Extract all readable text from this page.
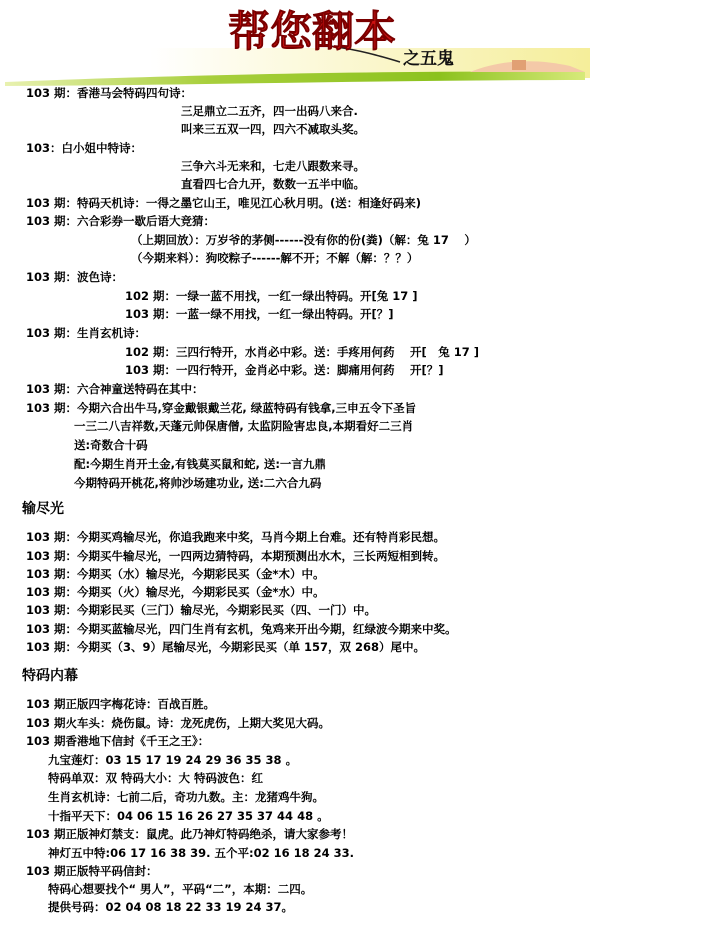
帮您翻本
之五鬼
103 期：香港马会特码四句诗：
三足鼎立二五齐，四一出码八来合.
叫来三五双一四，四六不减取头奖。
103：白小姐中特诗：
三争六斗无来和，七走八跟数来寻。
直看四七合九开，数数一五半中临。
103 期：特码天机诗：一得之墨它山王，唯见江心秋月明。(送：相逢好码来)
103 期：六合彩券一歇后语大竞猜：
（上期回放）：万岁爷的茅侧------没有你的份(粪)（解：兔 17　 ）
（今期来料）：狗咬粽子------解不开；不解（解：？？）
103 期：波色诗：
102 期：一绿一蓝不用找，一红一绿出特码。开[兔 17 ]
103 期：一蓝一绿不用找，一红一绿出特码。开[？]
103 期：生肖玄机诗：
102 期：三四行特开，水肖必中彩。送：手疼用何药　 开[　兔 17 ]
103 期：一四行特开，金肖必中彩。送：脚痛用何药　 开[？]
103 期：六合神童送特码在其中：
103 期：今期六合出牛马,穿金戴银戴兰花, 绿蓝特码有钱拿,三申五令下圣旨
一三二八吉祥数,天蓬元帅保唐僧, 太监阴险害忠良,本期看好二三肖
送:奇数合十码
配:今期生肖开土金,有钱莫买鼠和蛇, 送:一言九鼎
今期特码开桃花,将帅沙场建功业, 送:二六合九码
输尽光
103 期：今期买鸡输尽光，你追我跑来中奖，马肖今期上台难。还有特肖彩民想。
103 期：今期买牛输尽光，一四两边猜特码，本期预测出水木，三长两短相到转。
103 期：今期买（水）输尽光，今期彩民买（金*木）中。
103 期：今期买（火）输尽光，今期彩民买（金*水）中。
103 期：今期彩民买（三门）输尽光，今期彩民买（四、一门）中。
103 期：今期买蓝输尽光，四门生肖有玄机，兔鸡来开出今期，红绿波今期来中奖。
103 期：今期买（3、9）尾输尽光，今期彩民买（单 157，双 268）尾中。
特码内幕
103 期正版四字梅花诗：百战百胜。
103 期火车头：烧伤鼠。诗：龙死虎伤，上期大奖见大码。
103 期香港地下信封《千王之王》：
九宝莲灯：03 15 17 19 24 29 36 35 38 。
特码单双：双 特码大小：大 特码波色：红
生肖玄机诗：七前二后，奇功九数。主：龙猪鸡牛狗。
十指平天下：04 06 15 16 26 27 35 37 44 48 。
103 期正版神灯禁支：鼠虎。此乃神灯特码绝杀，请大家参考！
神灯五中特:06 17 16 38 39. 五个平:02 16 18 24 33.
103 期正版特平码信封：
特码心想要找个“ 男人”，平码“二”，本期：二四。
提供号码：02 04 08 18 22 33 19 24 37。
